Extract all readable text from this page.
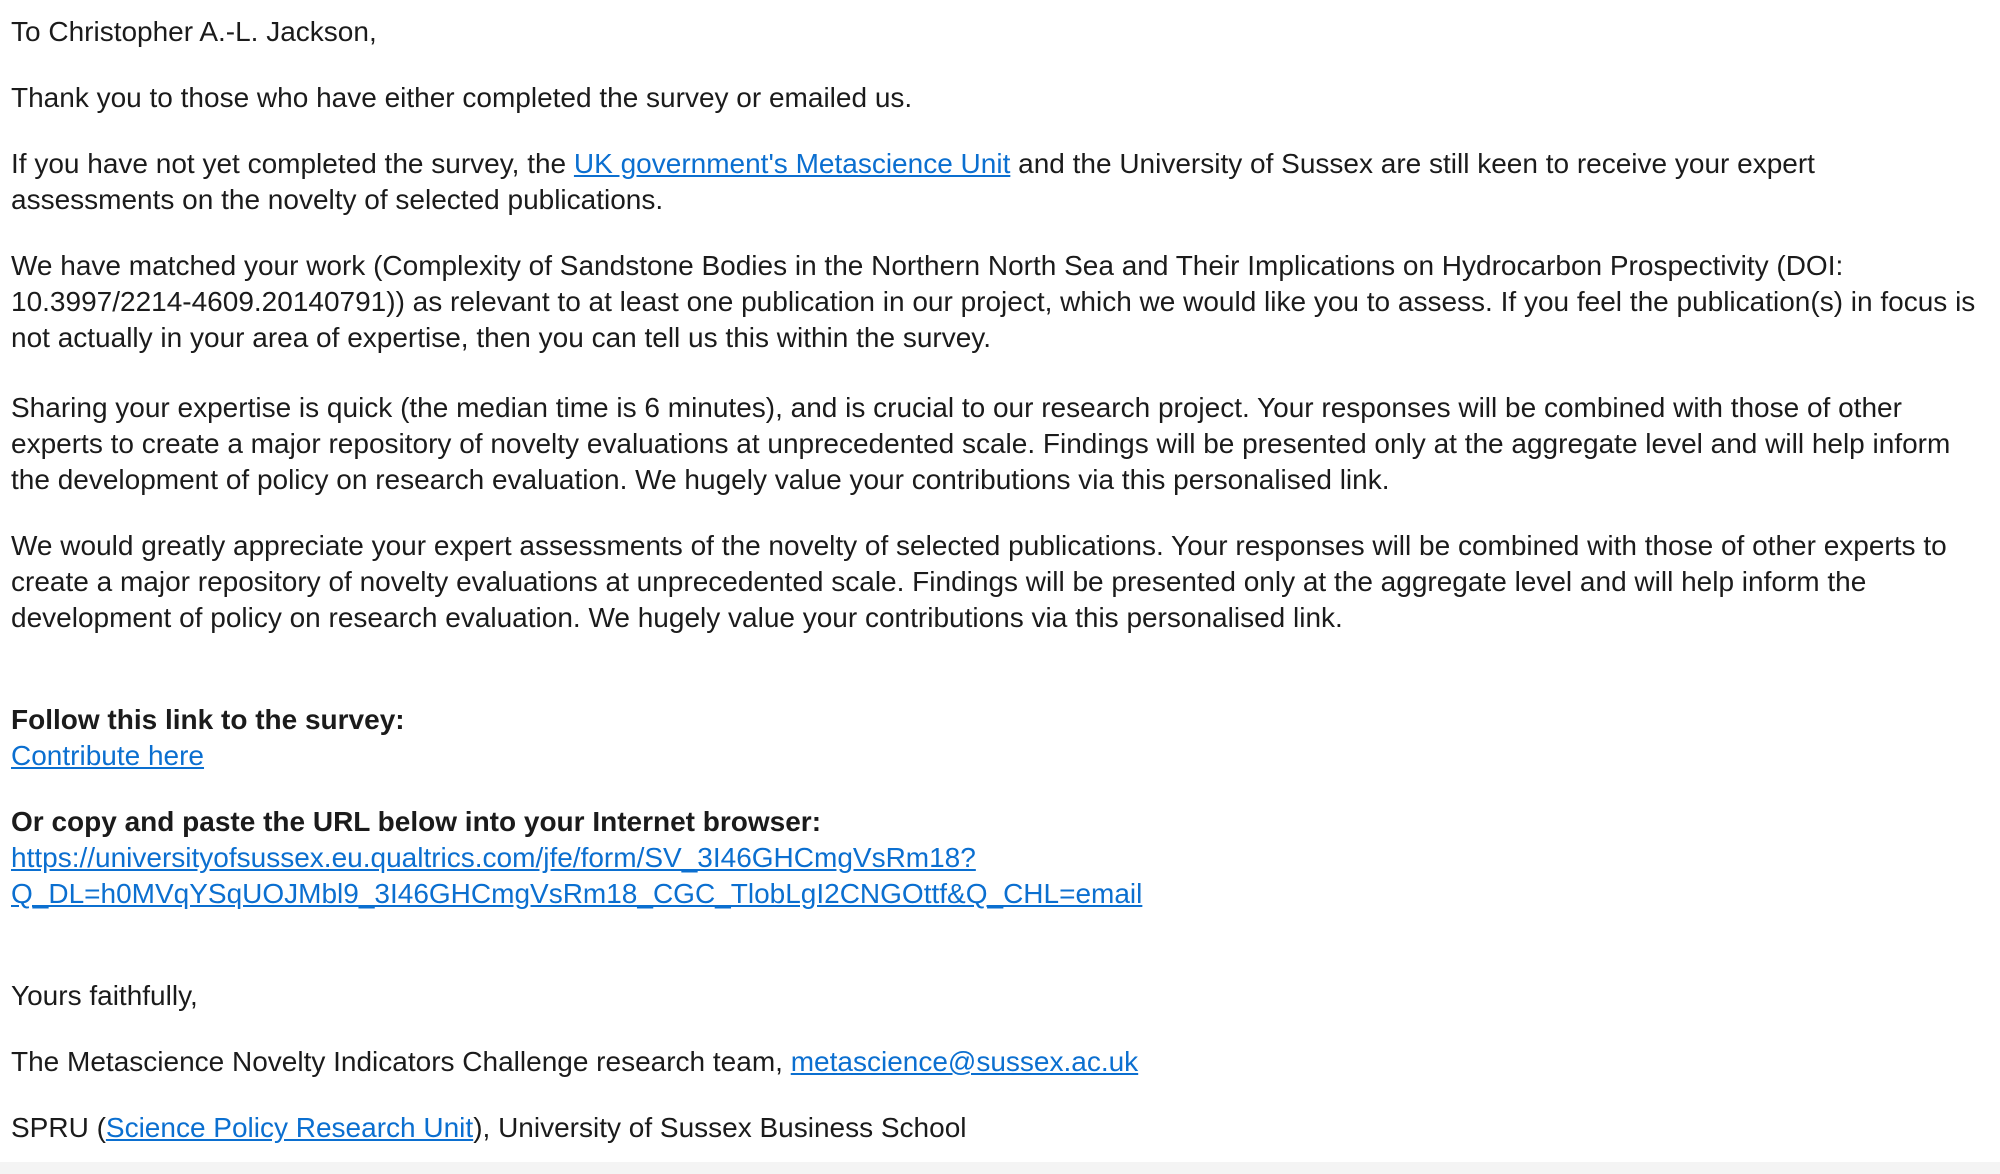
To Christopher A.-L. Jackson,

Thank you to those who have either completed the survey or emailed us.

If you have not yet completed the survey, the UK government's Metascience Unit and the University of Sussex are still keen to receive your expert assessments on the novelty of selected publications.

We have matched your work (Complexity of Sandstone Bodies in the Northern North Sea and Their Implications on Hydrocarbon Prospectivity (DOI: 10.3997/2214-4609.20140791)) as relevant to at least one publication in our project, which we would like you to assess. If you feel the publication(s) in focus is not actually in your area of expertise, then you can tell us this within the survey.

Sharing your expertise is quick (the median time is 6 minutes), and is crucial to our research project. Your responses will be combined with those of other experts to create a major repository of novelty evaluations at unprecedented scale. Findings will be presented only at the aggregate level and will help inform the development of policy on research evaluation. We hugely value your contributions via this personalised link.

We would greatly appreciate your expert assessments of the novelty of selected publications. Your responses will be combined with those of other experts to create a major repository of novelty evaluations at unprecedented scale. Findings will be presented only at the aggregate level and will help inform the development of policy on research evaluation. We hugely value your contributions via this personalised link.

Follow this link to the survey:

Contribute here

Or copy and paste the URL below into your Internet browser:

https://universityofsussex.eu.qualtrics.com/jfe/form/SV_3I46GHCmgVsRm18?
Q_DL=h0MVqYSqUOJMbl9_3I46GHCmgVsRm18_CGC_TlobLgI2CNGOttf&Q_CHL=email

Yours faithfully,

The Metascience Novelty Indicators Challenge research team, metascience@sussex.ac.uk

SPRU (Science Policy Research Unit), University of Sussex Business School
